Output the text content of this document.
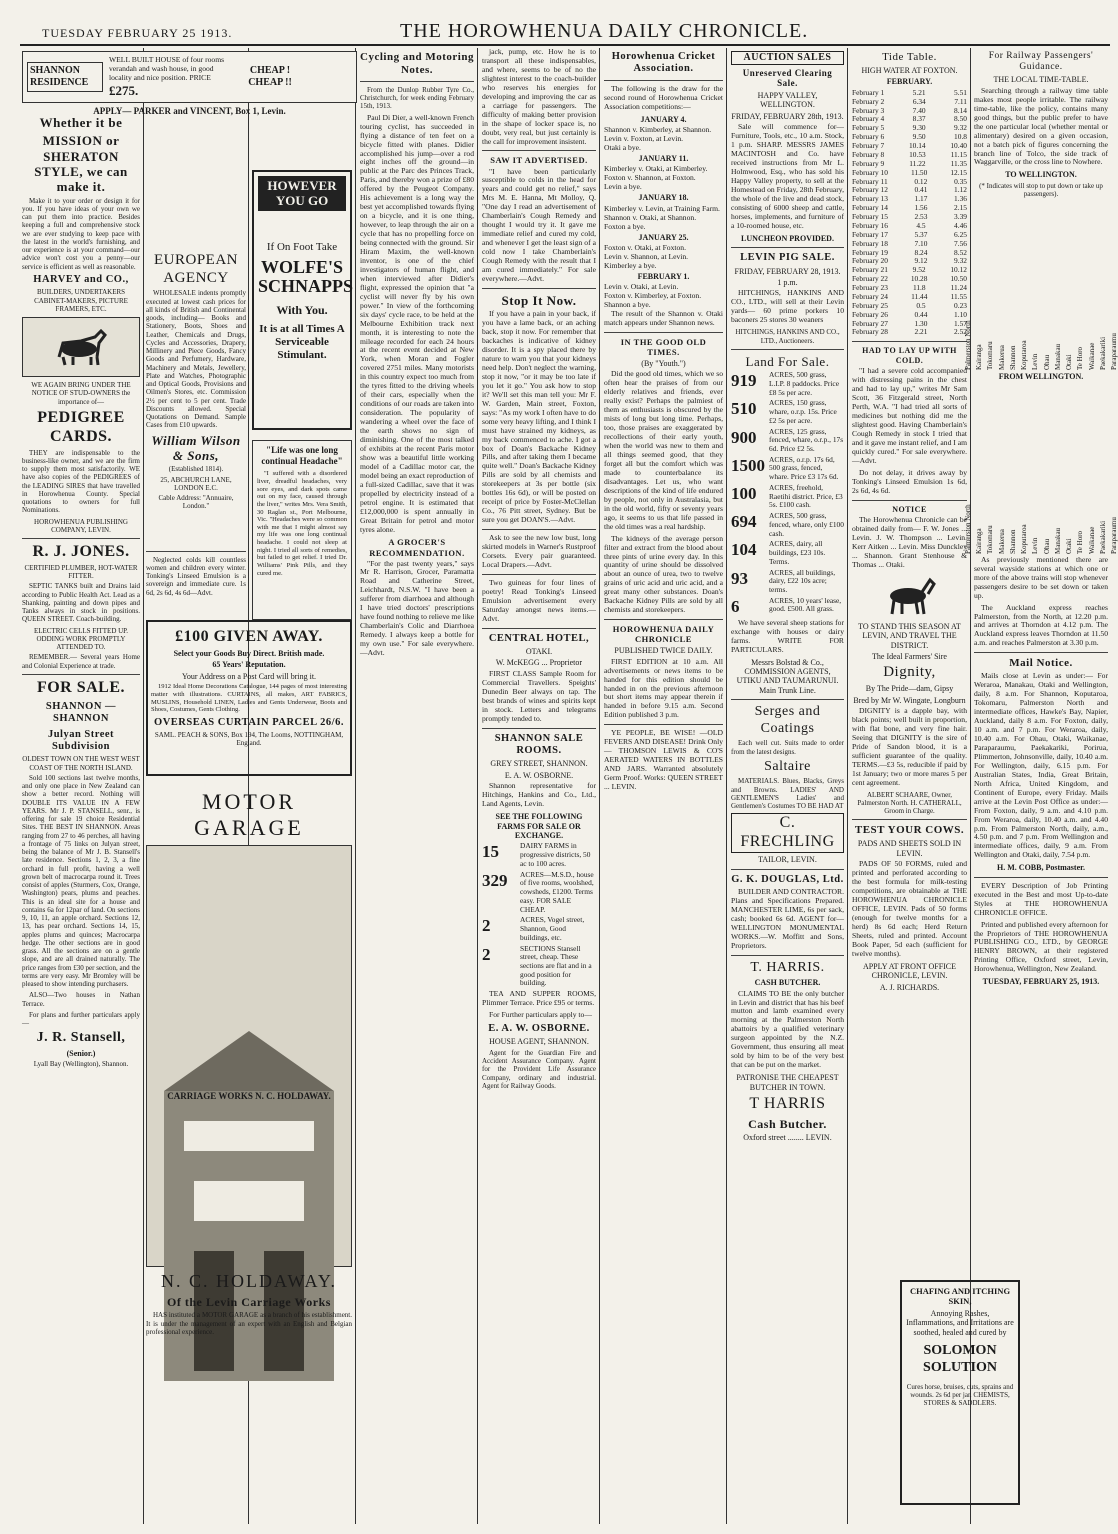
TUESDAY FEBRUARY 25 1913.	THE HOROWHENUA DAILY CHRONICLE.
SHANNON RESIDENCE
WELL BUILT HOUSE of four rooms verandah and wash house, in good locality and nice position. PRICE £275.
CHEAP ! CHEAP !!
APPLY— PARKER and VINCENT, Box 1, Levin.
Whether it be
MISSION or SHERATON STYLE, we can make it.

Make it to your order or design it for you. If you have ideas of your own we can put them into practice. Besides keeping a full and comprehensive stock we are ever studying to keep pace with the latest in the world's furnishing, and our experience is at your command—our advice won't cost you a penny—our service is efficient as well as reasonable.

HARVEY and CO.,
BUILDERS, UNDERTAKERS CABINET-MAKERS, PICTURE FRAMERS, ETC.
WE AGAIN BRING UNDER THE NOTICE OF STUD-OWNERS the importance of—
PEDIGREE CARDS.

THEY are indispensable to the business-like owner, and we are the firm to supply them most satisfactorily. WE have also copies of the PEDIGREES of the LEADING SIRES that have travelled in Horowhenua County. Special quotations to owners for full Nominations.

HOROWHENUA PUBLISHING COMPANY, LEVIN.
R. J. JONES.
CERTIFIED PLUMBER, HOT-WATER FITTER.

SEPTIC TANKS built and Drains laid according to Public Health Act. Lead as a Shanking, painting and down pipes and Tanks always in stock in positions. QUEEN STREET. Coach-building.

ELECTRIC CELLS FITTED UP. ODDING WORK PROMPTLY ATTENDED TO.

REMEMBER.— Several years Home and Colonial Experience at trade.

FOR SALE.
SHANNON — SHANNON
Julyan Street Subdivision
OLDEST TOWN ON THE WEST WEST COAST OF THE NORTH ISLAND.

Sold 100 sections last twelve months, and only one place in New Zealand can show a better record. Nothing will DOUBLE ITS VALUE IN A FEW YEARS. Mr J. P. STANSELL, senr., is offering for sale 19 choice Residential Sites. THE BEST IN SHANNON. Areas ranging from 27 to 46 perches, all having a frontage of 75 links on Julyan street, being the balance of Mr J. B. Stansell's late residence. Sections 1, 2, 3, a fine orchard in full profit, having a well grown belt of macrocarpa round it. Trees consist of apples (Sturmers, Cox, Orange, Washington) pears, plums and peaches. This is an ideal site for a house and contains 6a for 12par of land. On sections 9, 10, 11, an apple orchard. Sections 12, 13, has pear orchard. Sections 14, 15, apples plums and quinces; Macrocarpa hedge. The other sections are in good grass. All the sections are on a gentle slope, and are all drained naturally. The price ranges from £30 per section, and the terms are very easy. Mr Bromley will be pleased to show intending purchasers.

ALSO—Two houses in Nathan Terrace.

For plans and further particulars apply—

J. R. Stansell,
(Senior.)
Lyall Bay (Wellington), Shannon.
EUROPEAN AGENCY

WHOLESALE indents promptly executed at lowest cash prices for all kinds of British and Continental goods, including— Books and Stationery, Boots, Shoes and Leather, Chemicals and Drugs, Cycles and Accessories, Drapery, Millinery and Piece Goods, Fancy Goods and Perfumery, Hardware, Machinery and Metals, Jewellery, Plate and Watches, Photographic and Optical Goods, Provisions and Oilmen's Stores, etc. Commission 2½ per cent to 5 per cent. Trade Discounts allowed. Special Quotations on Demand. Sample Cases from £10 upwards.

William Wilson & Sons,
(Established 1814).
25, ABCHURCH LANE, LONDON E.C.
Cable Address: "Annuaire, London."

Neglected colds kill countless women and children every winter. Tonking's Linseed Emulsion is a sovereign and immediate cure. 1s 6d, 2s 6d, 4s 6d—Advt.

£100 GIVEN AWAY.
Select your Goods Buy Direct. British made.
65 Years' Reputation.
Your Address on a Post Card will bring it.

1912 Ideal Home Decorations Catalogue, 144 pages of most interesting matter with illustrations. CURTAINS, all makes, ART FABRICS, MUSLINS, Household LINEN, Ladies and Gents Underwear, Boots and Shoes, Costumes, Gents Clothing.

OVERSEAS CURTAIN PARCEL 26/6.
SAML. PEACH & SONS, Box 194, The Looms, NOTTINGHAM, England.
MOTOR GARAGE
CARRIAGE WORKS N. C. HOLDAWAY.
N. C. HOLDAWAY.
Of the Levin Carriage Works

HAS instituted a MOTOR GARAGE as a branch of his establishment. It is under the management of an expert with an English and Belgian professional experience.

HOWEVER YOU GO
If On Foot Take
WOLFE'S SCHNAPPS
With You.
It is at all Times A Serviceable Stimulant.
"Life was one long continual Headache"

"I suffered with a disordered liver, dreadful headaches, very sore eyes, and dark spots came out on my face, caused through the liver," writes Mrs. Vera Smith, 30 Raglan st., Port Melbourne, Vic. "Headaches were so common with me that I might almost say my life was one long continual headache. I could not sleep at night. I tried all sorts of remedies, but failed to get relief. I tried Dr. Williams' Pink Pills, and they cured me.

Cycling and Motoring Notes.

From the Dunlop Rubber Tyre Co., Christchurch, for week ending February 15th, 1913.

Paul Di Dier, a well-known French touring cyclist, has succeeded in flying a distance of ten feet on a bicycle fitted with planes. Didier accomplished his jump—over a rod eight inches off the ground—in public at the Parc des Princes Track, Paris, and thereby won a prize of £80 offered by the Peugeot Company. His achievement is a long way the best yet accomplished towards flying on a bicycle, and it is one thing, however, to leap through the air on a cycle that has no propelling force on being connected with the ground. Sir Hiram Maxim, the well-known inventor, is one of the chief investigators of human flight, and when interviewed after Didier's flight, expressed the opinion that "a cyclist will never fly by his own power." In view of the forthcoming six days' cycle race, to be held at the Melbourne Exhibition track next month, it is interesting to note the mileage recorded for each 24 hours at the recent event decided at New York, when Moran and Fogler covered 2751 miles. Many motorists in this country expect too much from the tyres fitted to the driving wheels of their cars, especially when the conditions of our roads are taken into consideration. The popularity of wandering a wheel over the face of the earth shows no sign of diminishing. One of the most talked of exhibits at the recent Paris motor show was a beautiful little working model of a Cadillac motor car, the model being an exact reproduction of a full-sized Cadillac, save that it was propelled by electricity instead of a petrol engine. It is estimated that £12,000,000 is spent annually in Great Britain for petrol and motor tyres alone.

A GROCER'S RECOMMENDATION.

"For the past twenty years," says Mr R. Harrison, Grocer, Paramatta Road and Catherine Street, Leichhardt, N.S.W. "I have been a sufferer from diarrhoea and although I have tried doctors' prescriptions have found nothing to relieve me like Chamberlain's Colic and Diarrhoea Remedy. I always keep a bottle for my own use." For sale everywhere.—Advt.

jack, pump, etc. How he is to transport all these indispensables, and where, seems to be of no the slightest interest to the coach-builder who reserves his energies for developing and improving the car as a carriage for passengers. The difficulty of making better provision in the shape of locker space is, no doubt, very real, but just certainly is the call for improvement insistent.

SAW IT ADVERTISED.

"I have been particularly susceptible to colds in the head for years and could get no relief," says Mrs M. E. Hanna, Mt Molloy, Q. "One day I read an advertisement of Chamberlain's Cough Remedy and thought I would try it. It gave me immediate relief and cured my cold, and whenever I get the least sign of a cold now I take Chamberlain's Cough Remedy with the result that I am cured immediately." For sale everywhere.—Advt.

Stop It Now.

If you have a pain in your back, if you have a lame back, or an aching back, stop it now. For remember that backaches is indicative of kidney disorder. It is a spy placed there by nature to warn you that your kidneys need help. Don't neglect the warning, stop it now, "or it may be too late if you let it go." You ask how to stop it? We'll set this man tell you: Mr F. W. Garden, Main street, Foxton, says: "As my work I often have to do some very heavy lifting, and I think I must have strained my kidneys, as my back commenced to ache. I got a box of Doan's Backache Kidney Pills, and after taking them I became quite well." Doan's Backache Kidney Pills are sold by all chemists and storekeepers at 3s per bottle (six bottles 16s 6d), or will be posted on receipt of price by Foster-McClellan Co., 76 Pitt street, Sydney. But be sure you get DOAN'S.—Advt.

Ask to see the new low bust, long skirted models in Warner's Rustproof Corsets. Every pair guaranteed. Local Drapers.—Advt.

Two guineas for four lines of poetry! Read Tonking's Linseed Emulsion advertisement every Saturday amongst news items.—Advt.

CENTRAL HOTEL,
OTAKI.
W. McKEGG ... Proprietor

FIRST CLASS Sample Room for Commercial Travellers. Speights' Dunedin Beer always on tap. The best brands of wines and spirits kept in stock. Letters and telegrams promptly tended to.

SHANNON SALE ROOMS.
GREY STREET, SHANNON.
E. A. W. OSBORNE.

Shannon representative for Hitchings, Hankins and Co., Ltd., Land Agents, Levin.

SEE THE FOLLOWING FARMS FOR SALE OR EXCHANGE.
15	DAIRY FARMS in progressive districts, 50 ac to 100 acres.
329	ACRES—M.S.D., house of five rooms, woolshed, cowsheds, £1200. Terms easy. FOR SALE CHEAP.
2	ACRES, Vogel street, Shannon, Good buildings, etc.
2	SECTIONS Stansell street, cheap. These sections are flat and in a good position for building.

TEA AND SUPPER ROOMS, Plimmer Terrace. Price £95 or terms.

For Further particulars apply to—

E. A. W. OSBORNE.
HOUSE AGENT, SHANNON.

Agent for the Guardian Fire and Accident Assurance Company. Agent for the Provident Life Assurance Company, ordinary and industrial. Agent for Railway Goods.

Horowhenua Cricket Association.

The following is the draw for the second round of Horowhenua Cricket Association competitions:—

JANUARY 4.
Shannon v. Kimberley, at Shannon.
Levin v. Foxton, at Levin.
Otaki a bye.
JANUARY 11.
Kimberley v. Otaki, at Kimberley.
Foxton v. Shannon, at Foxton.
Levin a bye.
JANUARY 18.
Kimberley v. Levin, at Training Farm.
Shannon v. Otaki, at Shannon.
Foxton a bye.
JANUARY 25.
Foxton v. Otaki, at Foxton.
Levin v. Shannon, at Levin.
Kimberley a bye.
FEBRUARY 1.
Levin v. Otaki, at Levin.
Foxton v. Kimberley, at Foxton.
Shannon a bye.

The result of the Shannon v. Otaki match appears under Shannon news.

IN THE GOOD OLD TIMES.
(By "Youth.")

Did the good old times, which we so often hear the praises of from our elderly relatives and friends, ever really exist? Perhaps the palmiest of them as enthusiasts is obscured by the mists of long but long time. Perhaps, too, those praises are exaggerated by recollections of their early youth, when the world was new to them and all things seemed good, that they forget all but the comfort which was made to counterbalance its disadvantages. Let us, who want descriptions of the kind of life endured by people, not only in Australasia, but in the old world, fifty or seventy years ago, it seems to us that life passed in the old times was a real hardship.

The kidneys of the average person filter and extract from the blood about three pints of urine every day. In this quantity of urine should be dissolved about an ounce of urea, two to twelve grains of uric acid and uric acid, and a great many other substances. Doan's Backache Kidney Pills are sold by all chemists and storekeepers.

HOROWHENUA DAILY CHRONICLE
PUBLISHED TWICE DAILY.

FIRST EDITION at 10 a.m. All advertisements or news items to be handed for this edition should be handed in on the previous afternoon but short items may appear therein if handed in before 9.15 a.m. Second Edition published 3 p.m.

YE PEOPLE, BE WISE! —OLD FEVERS AND DISEASE! Drink Only— THOMSON LEWIS & CO'S AERATED WATERS IN BOTTLES AND JARS. Warranted absolutely Germ Proof. Works: QUEEN STREET ... LEVIN.

AUCTION SALES
Unreserved Clearing Sale.
HAPPY VALLEY, WELLINGTON.
FRIDAY, FEBRUARY 28th, 1913.

Sale will commence for— Furniture, Tools, etc., 10 a.m. Stock, 1 p.m. SHARP. MESSRS JAMES MACINTOSH and Co. have received instructions from Mr L. Holmwood, Esq., who has sold his Happy Valley property, to sell at the Homestead on Friday, 28th February, the whole of the live and dead stock, consisting of 6000 sheep and cattle, horses, implements, and furniture of a 10-roomed house, etc.

LUNCHEON PROVIDED.
LEVIN PIG SALE.
FRIDAY, FEBRUARY 28, 1913.
1 p.m.

HITCHINGS, HANKINS AND CO., LTD., will sell at their Levin yards— 60 prime porkers 10 baconers 25 stores 30 weaners

HITCHINGS, HANKINS AND CO., LTD., Auctioneers.
Land For Sale.
919	ACRES, 500 grass, L.I.P. 8 paddocks. Price £8 5s per acre.
510	ACRES, 150 grass, whare, o.r.p. 15s. Price £2 5s per acre.
900	ACRES, 125 grass, fenced, whare, o.r.p., 17s 6d. Price £2 5s.
1500 ACRES, o.r.p. 17s 6d, 500 grass, fenced, whare. Price £3 17s 6d.
100	ACRES, freehold, Raetihi district. Price, £3 5s. £100 cash.
694	ACRES, 500 grass, fenced, whare, only £100 cash.
104	ACRES, dairy, all buildings, £23 10s. Terms.
93	ACRES, all buildings, dairy, £22 10s acre; terms.
6	ACRES, 10 years' lease, good. £500. All grass.

We have several sheep stations for exchange with houses or dairy farms. WRITE FOR PARTICULARS.

Messrs Bolstad & Co., COMMISSION AGENTS, UTIKU AND TAUMARUNUI. Main Trunk Line.
Serges and Coatings

Each well cut. Suits made to order from the latest designs.

Saltaire

MATERIALS. Blues, Blacks, Greys and Browns. LADIES' AND GENTLEMEN'S Ladies' and Gentlemen's Costumes TO BE HAD AT

C. FRECHLING
TAILOR, LEVIN.
G. K. DOUGLAS, Ltd.

BUILDER AND CONTRACTOR. Plans and Specifications Prepared. MANCHESTER LIME, 6s per sack, cash; booked 6s 6d. AGENT for—WELLINGTON MONUMENTAL WORKS.—W. Moffitt and Sons, Proprietors.

T. HARRIS.
CASH BUTCHER.

CLAIMS TO BE the only butcher in Levin and district that has his beef mutton and lamb examined every morning at the Palmerston North abattoirs by a qualified veterinary surgeon appointed by the N.Z. Government, thus ensuring all meat sold by him to be of the very best that can be put on the market.

PATRONISE THE CHEAPEST BUTCHER IN TOWN.
T HARRIS
Cash Butcher.
Oxford street ........ LEVIN.
Tide Table.
HIGH WATER AT FOXTON.
FEBRUARY.
February 1	5.21	5.51
February 2	6.34	7.11
February 3	7.40	8.14
February 4	8.37	8.50
February 5	9.30	9.32
February 6	9.50	10.8
February 7	10.14	10.40
February 8	10.53	11.15
February 9	11.22	11.35
February 10	11.50	12.15
February 11	0.12	0.35
February 12	0.41	1.12
February 13	1.17	1.36
February 14	1.56	2.15
February 15	2.53	3.39
February 16	4.5	4.46
February 17	5.37	6.25
February 18	7.10	7.56
February 19	8.24	8.52
February 20	9.12	9.32
February 21	9.52	10.12
February 22	10.28	10.50
February 23	11.8	11.24
February 24	11.44	11.55
February 25	0.5	0.23
February 26	0.44	1.10
February 27	1.30	1.57
February 28	2.21	2.52
HAD TO LAY UP WITH COLD.

"I had a severe cold accompanied with distressing pains in the chest and had to lay up," writes Mr Sam Scott, 36 Fitzgerald street, North Perth, W.A. "I had tried all sorts of medicines but nothing did me the slightest good. Having Chamberlain's Cough Remedy in stock I tried that and it gave me instant relief, and I am quickly cured." For sale everywhere.—Advt.

Do not delay, it drives away by Tonking's Linseed Emulsion 1s 6d, 2s 6d, 4s 6d.

NOTICE

The Horowhenua Chronicle can be obtained daily from— F. W. Jones ... Levin. J. W. Thompson ... Levin. Kerr Aitken ... Levin. Miss Dunckley ... Shannon. Grant Stenhouse & Thomas ... Otaki.

TO STAND THIS SEASON AT LEVIN, AND TRAVEL THE DISTRICT.
The Ideal Farmers' Sire
Dignity,
By The Pride—dam, Gipsy
Bred by Mr W. Wingate, Longburn

DIGNITY is a dapple bay, with black points; well built in proportion, with flat bone, and very fine hair. Seeing that DIGNITY is the sire of Pride of Sandon blood, it is a sufficient guarantee of the quality. TERMS.—£3 5s, reducible if paid by 1st January; two or more mares 5 per cent agreement.

ALBERT SCHAARE, Owner, Palmerston North. H. CATHERALL, Groom in Charge.
TEST YOUR COWS.
PADS AND SHEETS SOLD IN LEVIN.

PADS OF 50 FORMS, ruled and printed and perforated according to the best formula for milk-testing competitions, are obtainable at THE HOROWHENUA CHRONICLE OFFICE, LEVIN. Pads of 50 forms (enough for twelve months for a herd) 8s 6d each; Herd Return Sheets, ruled and printed. Account Book Paper, 5d each (sufficient for twelve months).

APPLY AT FRONT OFFICE CHRONICLE, LEVIN.
A. J. RICHARDS.
CHAFING AND ITCHING SKIN,
Annoying Rashes, Inflammations, and Irritations are soothed, healed and cured by
SOLOMON SOLUTION
Cures horse, bruises, cuts, sprains and wounds. 2s 6d per jar. CHEMISTS, STORES & SADDLERS.
For Railway Passengers' Guidance.
THE LOCAL TIME-TABLE.

Searching through a railway time table makes most people irritable. The railway time-table, like the policy, contains many good things, but the public prefer to have the one particular local (whether mental or alimentary) desired on a given occasion, not a batch pick of figures concerning the branch line of Tolco, the side track of Waggarville, or the cross line to Nowhere.

TO WELLINGTON.
(* Indicates will stop to put down or take up passengers).
Palmerston North Kairanga Tokomaru Makerua Shannon Koputaroa Levin Ohau Manakau Otaki Te Horo Waikanae Paekakariki Paraparaumu
FROM WELLINGTON.
Palmerston North Kairanga Tokomaru Makerua Shannon Koputaroa Levin Ohau Manakau Otaki Te Horo Waikanae Paekakariki Paraparaumu

As previously mentioned there are several wayside stations at which one or more of the above trains will stop whenever passengers desire to be set down or taken up.

The Auckland express reaches Palmerston, from the North, at 12.20 p.m. and arrives at Thorndon at 4.12 p.m. The Auckland express leaves Thorndon at 11.50 a.m. and reaches Palmerston at 3.30 p.m.

Mail Notice.

Mails close at Levin as under:— For Weraroa, Manakau, Otaki and Wellington, daily, 8 a.m. For Shannon, Koputaroa, Tokomaru, Palmerston North and intermediate offices, Hawke's Bay, Napier, Auckland, daily 8 a.m. For Foxton, daily, 10 a.m. and 7 p.m. For Weraroa, daily, 10.40 a.m. For Ohau, Otaki, Waikanae, Paraparaumu, Paekakariki, Porirua, Plimmerton, Johnsonville, daily, 10.40 a.m. For Wellington, daily, 6.15 p.m. For Australian States, India, Great Britain, North Africa, United Kingdom, and Continent of Europe, every Friday. Mails arrive at the Levin Post Office as under:— From Foxton, daily, 9 a.m. and 4.10 p.m. From Weraroa, daily, 10.40 a.m. and 4.40 p.m. From Palmerston North, daily, a.m., 4.50 p.m. and 7 p.m. From Wellington and intermediate offices, daily, 9 a.m. From Wellington and Otaki, daily, 7.54 p.m.

H. M. COBB, Postmaster.

EVERY Description of Job Printing executed in the Best and most Up-to-date Styles at THE HOROWHENUA CHRONICLE OFFICE.

Printed and published every afternoon for the Proprietors of THE HOROWHENUA PUBLISHING CO., LTD., by GEORGE HENRY BROWN, at their registered Printing Office, Oxford street, Levin, Horowhenua, Wellington, New Zealand.

TUESDAY, FEBRUARY 25, 1913.
